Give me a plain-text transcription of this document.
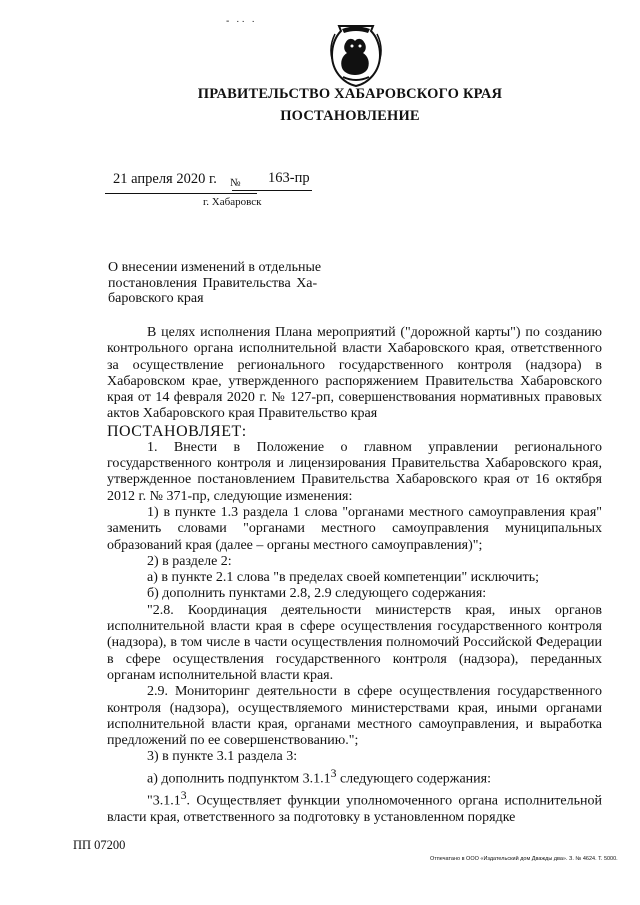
- ·· ·
ПРАВИТЕЛЬСТВО ХАБАРОВСКОГО КРАЯ
ПОСТАНОВЛЕНИЕ
21 апреля 2020 г. № 163-пр
г. Хабаровск
О внесении изменений в отдельные
постановления Правительства Ха-
баровского края

В целях исполнения Плана мероприятий ("дорожной карты") по созданию контрольного органа исполнительной власти Хабаровского края, ответственного за осуществление регионального государственного контроля (надзора) в Хабаровском крае, утвержденного распоряжением Правительства Хабаровского края от 14 февраля 2020 г. № 127-рп, совершенствования нормативных правовых актов Хабаровского края Правительство края

ПОСТАНОВЛЯЕТ:

1. Внести в Положение о главном управлении регионального государственного контроля и лицензирования Правительства Хабаровского края, утвержденное постановлением Правительства Хабаровского края от 16 октября 2012 г. № 371-пр, следующие изменения:

1) в пункте 1.3 раздела 1 слова "органами местного самоуправления края" заменить словами "органами местного самоуправления муниципальных образований края (далее – органы местного самоуправления)";

2) в разделе 2:

а) в пункте 2.1 слова "в пределах своей компетенции" исключить;

б) дополнить пунктами 2.8, 2.9 следующего содержания:

"2.8. Координация деятельности министерств края, иных органов исполнительной власти края в сфере осуществления государственного контроля (надзора), в том числе в части осуществления полномочий Российской Федерации в сфере осуществления государственного контроля (надзора), переданных органам исполнительной власти края.

2.9. Мониторинг деятельности в сфере осуществления государственного контроля (надзора), осуществляемого министерствами края, иными органами исполнительной власти края, органами местного самоуправления, и выработка предложений по ее совершенствованию.";

3) в пункте 3.1 раздела 3:

а) дополнить подпунктом 3.1.1$^3$ следующего содержания:

"3.1.1$^3$. Осуществляет функции уполномоченного органа исполнительной власти края, ответственного за подготовку в установленном порядке

ПП 07200
Отпечатано в ООО «Издательский дом Дважды два». З. № 4624. Т. 5000.
